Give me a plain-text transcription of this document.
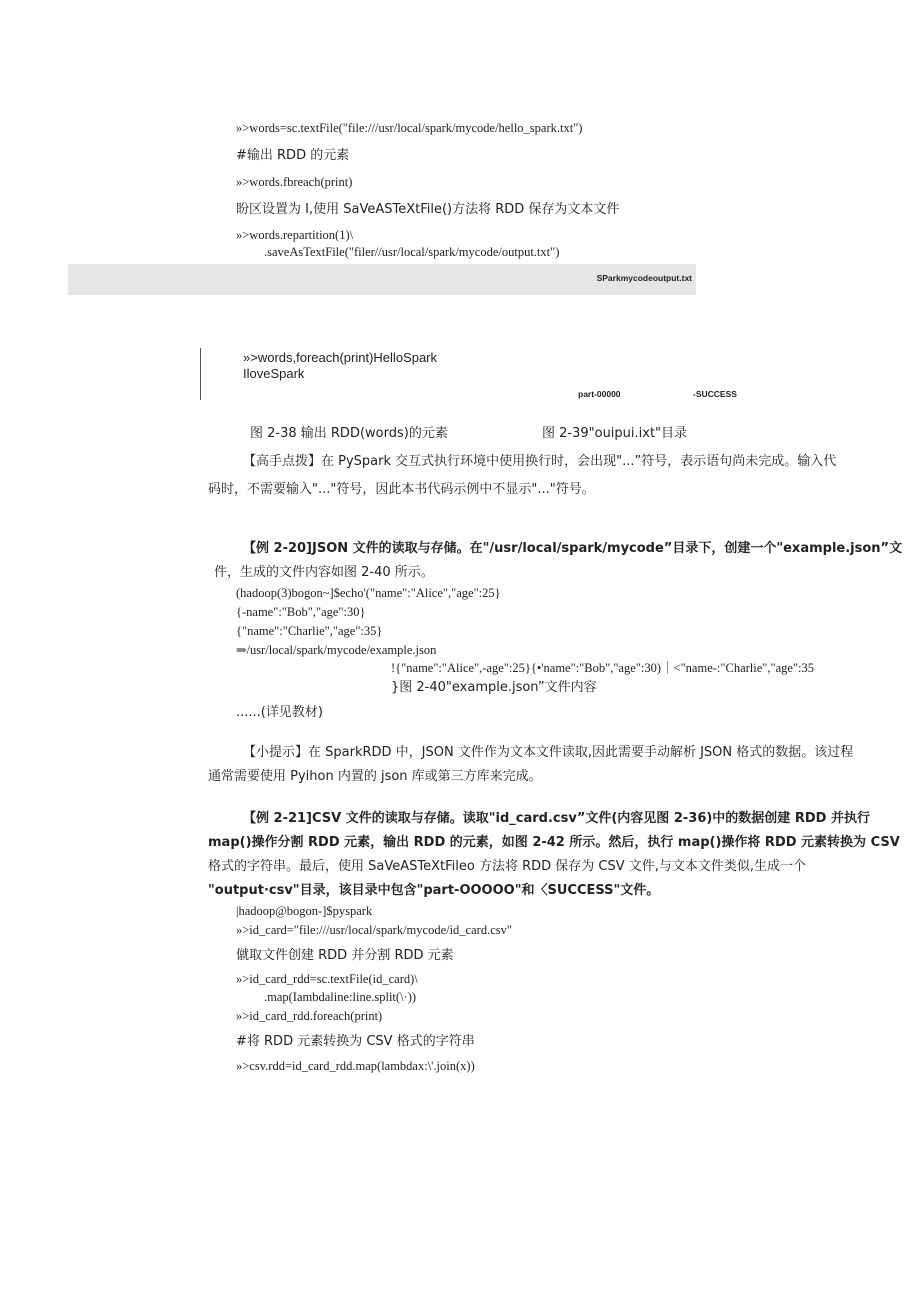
»>words=sc.textFile("file:///usr/local/spark/mycode/hello_spark.txt")
#输出 RDD 的元素
»>words.fbreach(print)
盼区设置为 I,使用 SaVeASTeXtFile()方法将 RDD 保存为文本文件
»>words.repartition(1)\
.saveAsTextFile("filer//usr/local/spark/mycode/output.txt")
SParkmycodeoutput.txt
»>words,foreach(print)HelloSpark
IloveSpark
part-00000	-SUCCESS
图 2-38 输出 RDD(words)的元素	图 2-39"ouipui.ixt"目录
【高手点拨】在 PySpark 交互式执行环境中使用换行时，会出现"...”符号，表示语句尚未完成。输入代
码时，不需要输入"..."符号，因此本书代码示例中不显示"..."符号。
【例 2-20]JSON 文件的读取与存储。在"/usr/local/spark/mycode”目录下，创建一个"example.json”文
件，生成的文件内容如图 2-40 所示。
(hadoop(3)bogon~]$echo'("name":"Alice","age":25}
{-name":"Bob","age":30}
{"name":"Charlie","age":35}
⇒/usr/local/spark/mycode/example.json
!{"name":"Alice",-age":25}{•'name":"Bob","age":30)｜<"name-:"Charlie","age":35
}图 2-40"example.json”文件内容
......(详见教材)
【小提示】在 SparkRDD 中，JSON 文件作为文本文件读取,因此需要手动解析 JSON 格式的数据。该过程
通常需要使用 Pyihon 内置的 json 库或第三方库来完成。
【例 2-21]CSV 文件的读取与存储。读取"id_card.csv”文件(内容见图 2-36)中的数据创建 RDD 并执行
map()操作分割 RDD 元素，输出 RDD 的元素，如图 2-42 所示。然后，执行 map()操作将 RDD 元素转换为 CSV
格式的字符串。最后，使用 SaVeASTeXtFileo 方法将 RDD 保存为 CSV 文件,与文本文件类似,生成一个
"output·csv"目录，该目录中包含"part-OOOOO"和〈SUCCESS"文件。
|hadoop@bogon-]$pyspark
»>id_card="file:///usr/local/spark/mycode/id_card.csv"
僦取文件创建 RDD 并分割 RDD 元素
»>id_card_rdd=sc.textFile(id_card)\
.map(Iambdaline:line.split(\·))
»>id_card_rdd.foreach(print)
#将 RDD 元素转换为 CSV 格式的字符串
»>csv.rdd=id_card_rdd.map(lambdax:\'.join(x))
